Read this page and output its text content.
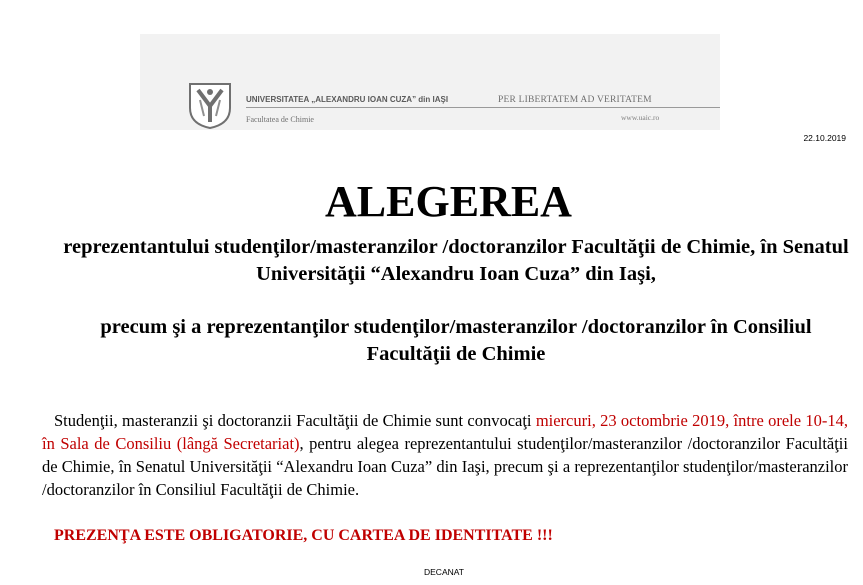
UNIVERSITATEA „ALEXANDRU IOAN CUZA” din IAŞI
Facultatea de Chimie
PER LIBERTATEM AD VERITATEM
www.uaic.ro
22.10.2019
ALEGEREA
reprezentantului studenţilor/masteranzilor /doctoranzilor Facultăţii de Chimie, în Senatul Universităţii “Alexandru Ioan Cuza” din Iaşi,
precum şi a reprezentanţilor studenţilor/masteranzilor /doctoranzilor în Consiliul Facultăţii de Chimie
Studenţii, masteranzii şi doctoranzii Facultăţii de Chimie sunt convocaţi miercuri, 23 octombrie 2019, între orele 10-14, în Sala de Consiliu (lângă Secretariat), pentru alegea reprezentantului studenţilor/masteranzilor /doctoranzilor Facultăţii de Chimie, în Senatul Universităţii “Alexandru Ioan Cuza” din Iaşi, precum şi a reprezentanţilor studenţilor/masteranzilor /doctoranzilor în Consiliul Facultăţii de Chimie.
PREZENŢA ESTE OBLIGATORIE, CU CARTEA DE IDENTITATE !!!
DECANAT
